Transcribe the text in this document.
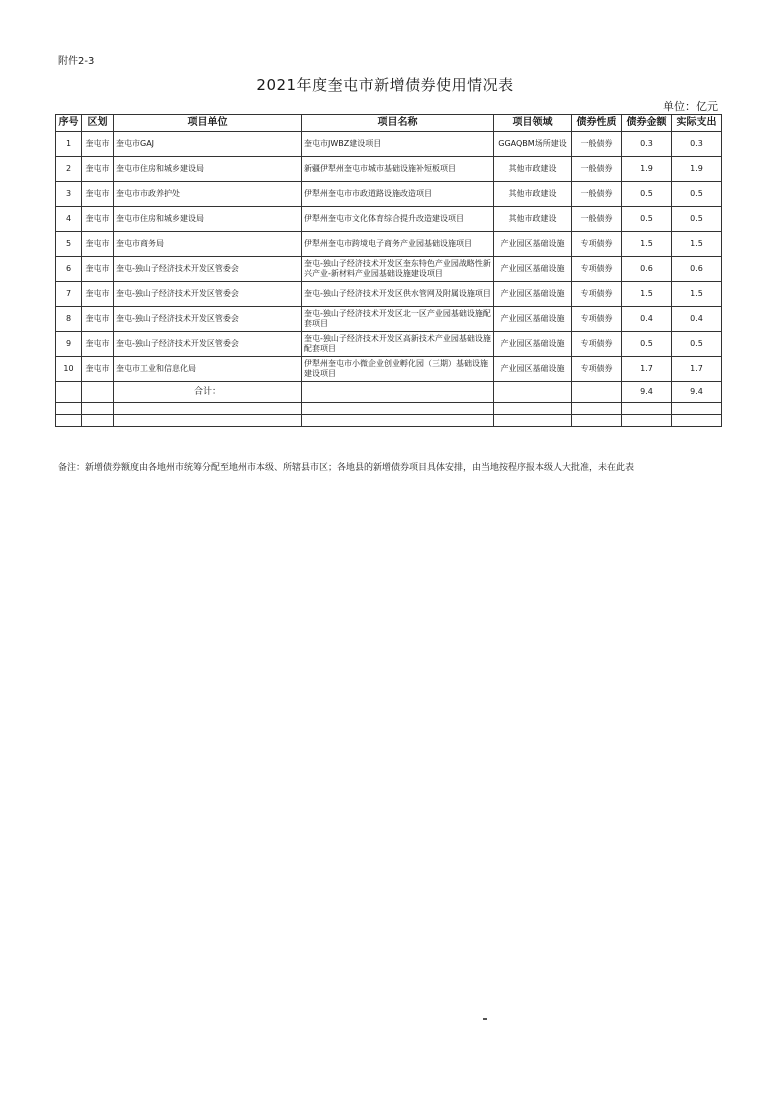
附件2-3
2021年度奎屯市新增债券使用情况表
单位：亿元
序号	区划	项目单位	项目名称	项目领域	债券性质	债券金额	实际支出
1	奎屯市	奎屯市GAJ	奎屯市JWBZ建设项目	GGAQBM场所建设	一般债券	0.3	0.3
2	奎屯市	奎屯市住房和城乡建设局	新疆伊犁州奎屯市城市基础设施补短板项目	其他市政建设	一般债券	1.9	1.9
3	奎屯市	奎屯市市政养护处	伊犁州奎屯市市政道路设施改造项目	其他市政建设	一般债券	0.5	0.5
4	奎屯市	奎屯市住房和城乡建设局	伊犁州奎屯市文化体育综合提升改造建设项目	其他市政建设	一般债券	0.5	0.5
5	奎屯市	奎屯市商务局	伊犁州奎屯市跨境电子商务产业园基础设施项目	产业园区基础设施	专项债券	1.5	1.5
6	奎屯市	奎屯-独山子经济技术开发区管委会	奎屯-独山子经济技术开发区奎东特色产业园战略性新兴产业-新材料产业园基础设施建设项目	产业园区基础设施	专项债券	0.6	0.6
7	奎屯市	奎屯-独山子经济技术开发区管委会	奎屯-独山子经济技术开发区供水管网及附属设施项目	产业园区基础设施	专项债券	1.5	1.5
8	奎屯市	奎屯-独山子经济技术开发区管委会	奎屯-独山子经济技术开发区北一区产业园基础设施配套项目	产业园区基础设施	专项债券	0.4	0.4
9	奎屯市	奎屯-独山子经济技术开发区管委会	奎屯-独山子经济技术开发区高新技术产业园基础设施配套项目	产业园区基础设施	专项债券	0.5	0.5
10	奎屯市	奎屯市工业和信息化局	伊犁州奎屯市小微企业创业孵化园（三期）基础设施建设项目	产业园区基础设施	专项债券	1.7	1.7
		合计：				9.4	9.4

备注：新增债券额度由各地州市统筹分配至地州市本级、所辖县市区；各地县的新增债券项目具体安排，由当地按程序报本级人大批准，未在此表
